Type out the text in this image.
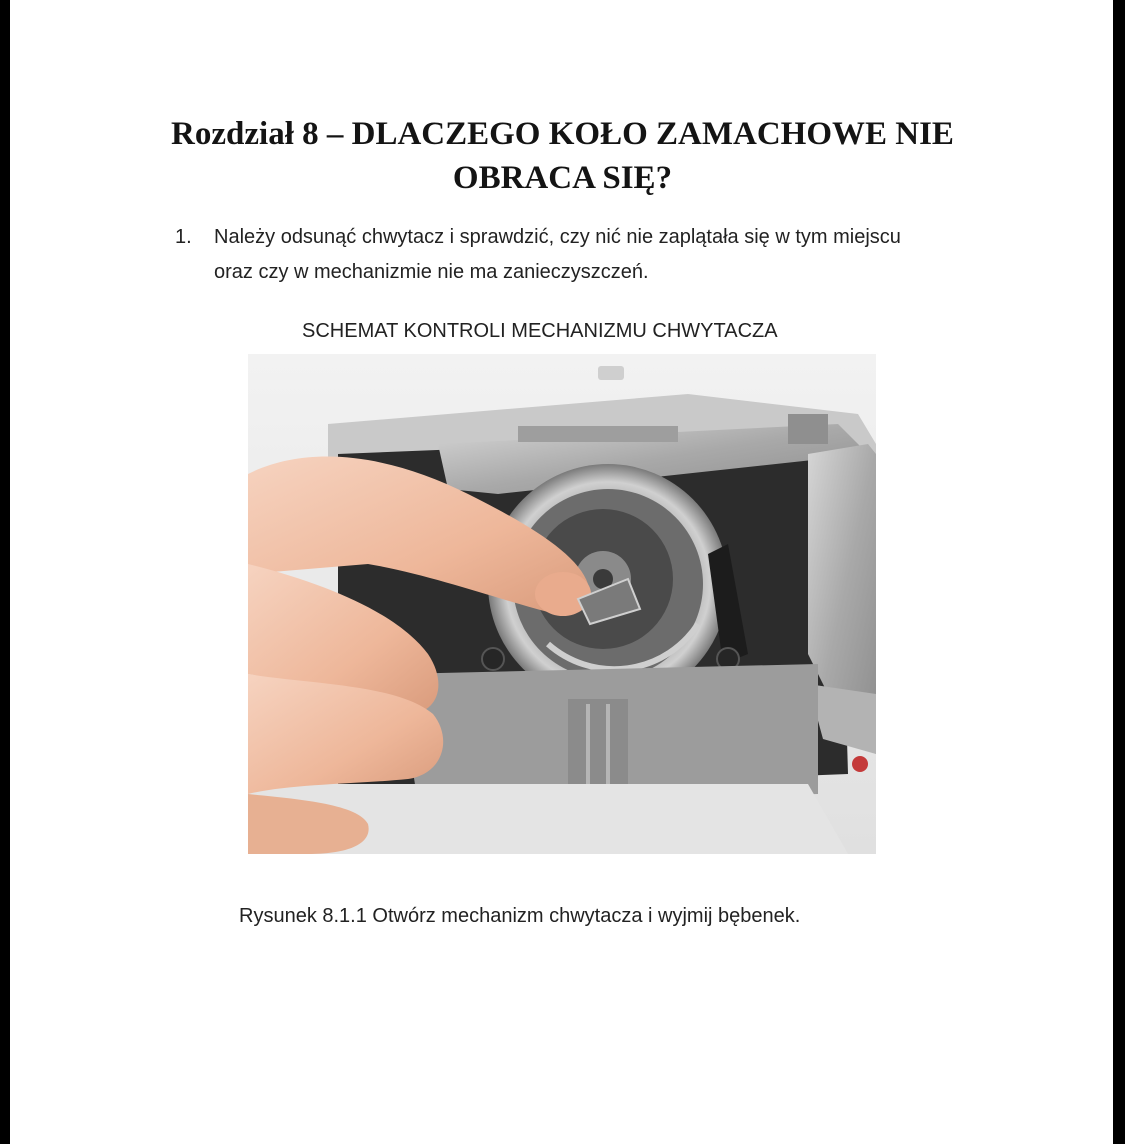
Rozdział 8 – DLACZEGO KOŁO ZAMACHOWE NIE
OBRACA SIĘ?
1. Należy odsunąć chwytacz i sprawdzić, czy nić nie zaplątała się w tym miejscu
oraz czy w mechanizmie nie ma zanieczyszczeń.
SCHEMAT KONTROLI MECHANIZMU CHWYTACZA
Rysunek 8.1.1 Otwórz mechanizm chwytacza i wyjmij bębenek.
